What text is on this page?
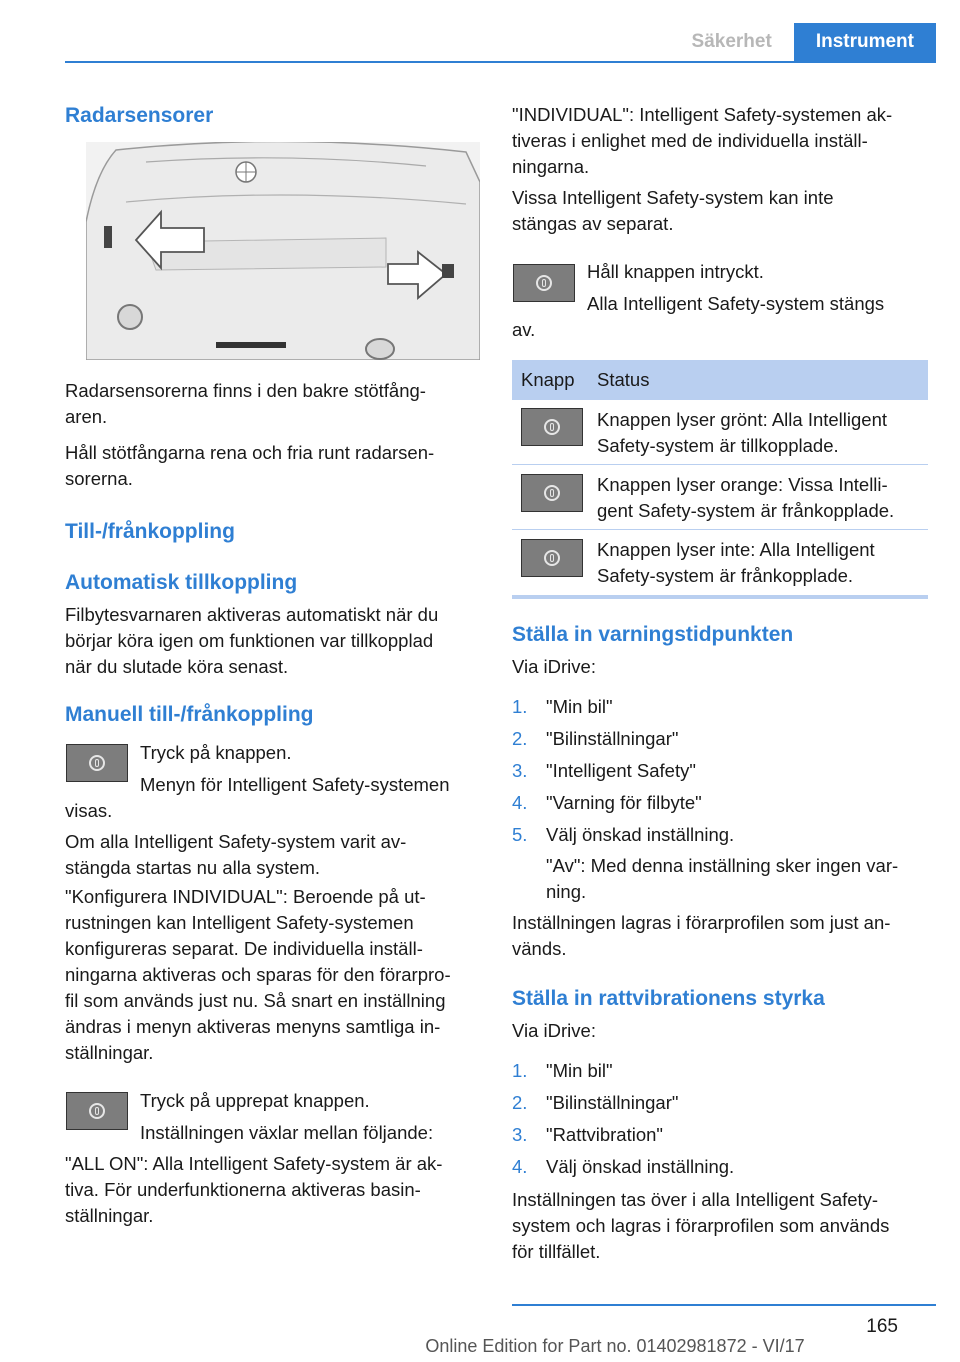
Säkerhet	Instrument
Radarsensorer
Radarsensorerna finns i den bakre stötfång-
aren.
Håll stötfångarna rena och fria runt radarsen-
sorerna.
Till-/frånkoppling
Automatisk tillkoppling
Filbytesvarnaren aktiveras automatiskt när du
börjar köra igen om funktionen var tillkopplad
när du slutade köra senast.
Manuell till-/frånkoppling
Tryck på knappen.
Menyn för Intelligent Safety-systemen
visas.
Om alla Intelligent Safety-system varit av-
stängda startas nu alla system.
"Konfigurera INDIVIDUAL": Beroende på ut-
rustningen kan Intelligent Safety-systemen
konfigureras separat. De individuella inställ-
ningarna aktiveras och sparas för den förarpro-
fil som används just nu. Så snart en inställning
ändras i menyn aktiveras menyns samtliga in-
ställningar.
Tryck på upprepat knappen.
Inställningen växlar mellan följande:
"ALL ON": Alla Intelligent Safety-system är ak-
tiva. För underfunktionerna aktiveras basin-
ställningar.
"INDIVIDUAL": Intelligent Safety-systemen ak-
tiveras i enlighet med de individuella inställ-
ningarna.
Vissa Intelligent Safety-system kan inte
stängas av separat.
Håll knappen intryckt.
Alla Intelligent Safety-system stängs
av.
Knapp Status
Knappen lyser grönt: Alla Intelligent
Safety-system är tillkopplade.
Knappen lyser orange: Vissa Intelli-
gent Safety-system är frånkopplade.
Knappen lyser inte: Alla Intelligent
Safety-system är frånkopplade.
Ställa in varningstidpunkten
Via iDrive:
1. "Min bil"
2. "Bilinställningar"
3. "Intelligent Safety"
4. "Varning för filbyte"
5. Välj önskad inställning.
"Av": Med denna inställning sker ingen var-
ning.
Inställningen lagras i förarprofilen som just an-
vänds.
Ställa in rattvibrationens styrka
Via iDrive:
1. "Min bil"
2. "Bilinställningar"
3. "Rattvibration"
4. Välj önskad inställning.
Inställningen tas över i alla Intelligent Safety-
system och lagras i förarprofilen som används
för tillfället.
165
Online Edition for Part no. 01402981872 - VI/17
